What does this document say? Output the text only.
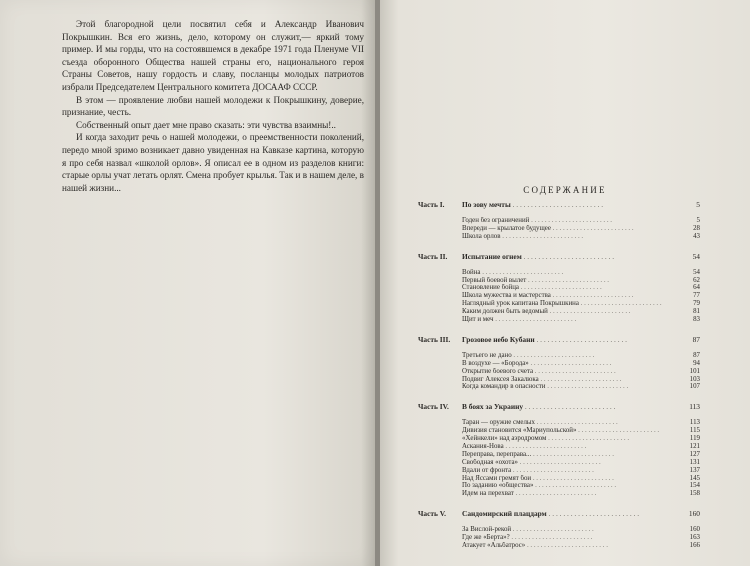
Этой благородной цели посвятил себя и Александр Иванович Покрышкин. Вся его жизнь, дело, которому он служит,— яркий тому пример. И мы горды, что на состоявшемся в декабре 1971 года Пленуме VII съезда оборонного Общества нашей страны его, национального героя Страны Советов, нашу гордость и славу, посланцы молодых патриотов избрали Председателем Центрального комитета ДОСААФ СССР.

В этом — проявление любви нашей молодежи к Покрышкину, доверие, признание, честь.

Собственный опыт дает мне право сказать: эти чувства взаимны!..

И когда заходит речь о нашей молодежи, о преемственности поколений, передо мной зримо возникает давно увиденная на Кавказе картина, которую я про себя назвал «школой орлов». Я описал ее в одном из разделов книги: старые орлы учат летать орлят. Смена пробует крылья. Так и в нашем деле, в нашей жизни...	СОДЕРЖАНИЕ
Часть I. По зову мечты . .	5
Годен без ограничений . .	5
Впереди — крылатое будущее . .	28
Школа орлов . .	43
Часть II. Испытание огнем . .	54
Война . .	54
Первый боевой вылет . .	62
Становление бойца . .	64
Школа мужества и мастерства . .	77
Наглядный урок капитана Покрышкина . .	79
Каким должен быть ведомый . .	81
Щит и меч . .	83
Часть III. Грозовое небо Кубани . .	87
Третьего не дано . .	87
В воздухе — «Борода» . .	94
Открытие боевого счета . .	101
Подвиг Алексея Закалюка . .	103
Когда командир в опасности . .	107
Часть IV. В боях за Украину . .	113
Таран — оружие смелых . .	113
Дивизия становится «Мариупольской» . .	115
«Хейнкели» над аэродромом . .	119
Аскания-Нова . .	121
Переправа, переправа... . .	127
Свободная «охота» . .	131
Вдали от фронта . .	137
Над Яссами гремят бои . .	145
По заданию «общества» . .	154
Идем на перехват . .	158
Часть V. Сандомирский плацдарм . .	160
За Вислой-рекой . .	160
Где же «Берта»? . .	163
Атакует «Альбатрос» . .	166
